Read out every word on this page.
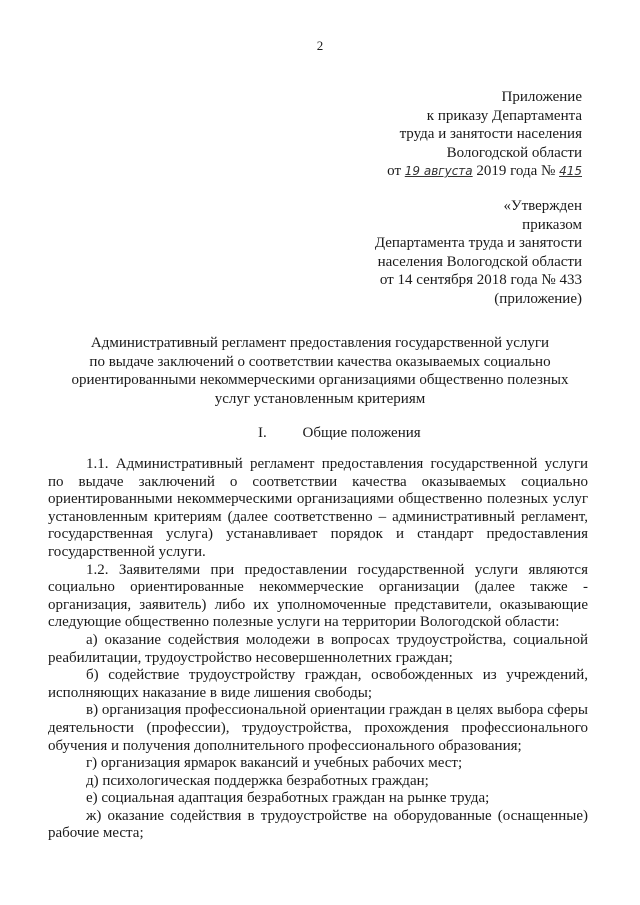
2
Приложение
к приказу Департамента
труда и занятости населения
Вологодской области
от 19 августа 2019 года № 415
«Утвержден
приказом
Департамента труда и занятости
населения Вологодской области
от 14 сентября 2018 года № 433
(приложение)
Административный регламент предоставления государственной услуги
по выдаче заключений о соответствии качества оказываемых социально
ориентированными некоммерческими организациями общественно полезных
услуг установленным критериям
I. Общие положения

1.1. Административный регламент предоставления государственной услуги по выдаче заключений о соответствии качества оказываемых социально ориентированными некоммерческими организациями общественно полезных услуг установленным критериям (далее соответственно – административный регламент, государственная услуга) устанавливает порядок и стандарт предоставления государственной услуги.

1.2. Заявителями при предоставлении государственной услуги являются социально ориентированные некоммерческие организации (далее также - организация, заявитель) либо их уполномоченные представители, оказывающие следующие общественно полезные услуги на территории Вологодской области:

а) оказание содействия молодежи в вопросах трудоустройства, социальной реабилитации, трудоустройство несовершеннолетних граждан;

б) содействие трудоустройству граждан, освобожденных из учреждений, исполняющих наказание в виде лишения свободы;

в) организация профессиональной ориентации граждан в целях выбора сферы деятельности (профессии), трудоустройства, прохождения профессионального обучения и получения дополнительного профессионального образования;

г) организация ярмарок вакансий и учебных рабочих мест;

д) психологическая поддержка безработных граждан;

е) социальная адаптация безработных граждан на рынке труда;

ж) оказание содействия в трудоустройстве на оборудованные (оснащенные) рабочие места;
